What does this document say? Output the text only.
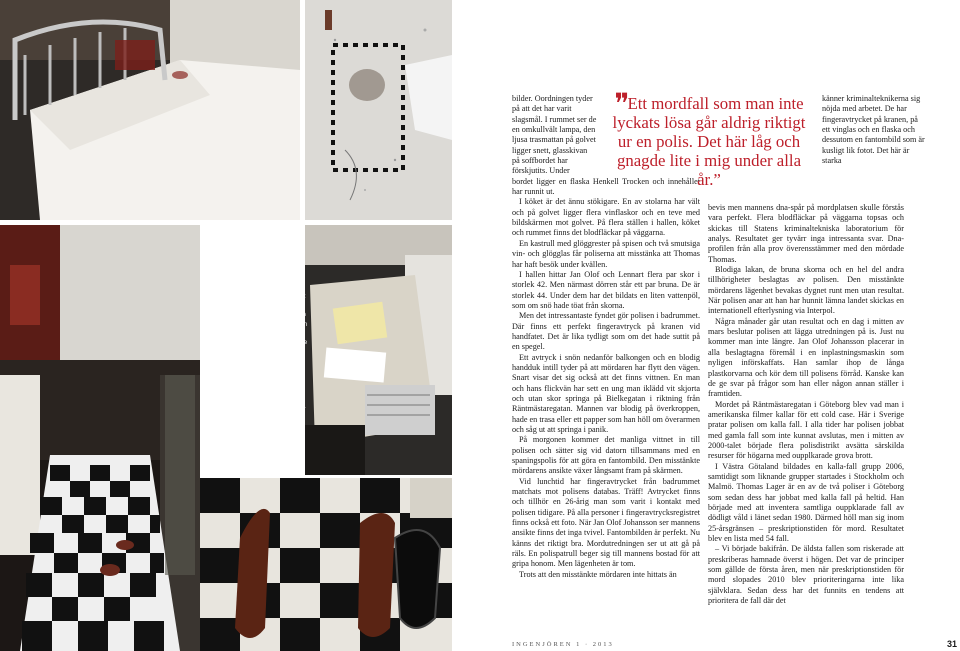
POLISENS BILDER. Det syns tydligt att det har varit slagsmål i lägenheten på Räntmästaregatan. Det mesta är i oordning och på flera väggar i den lilla ettan finns det stänk av blod. På det runda bordet bredvid sängen ligger en omkullvält bordslampa. I sängen finns det blodspår både på lakanen och på sänggavlen. Inte långt från lägenheten hittar polisen ett fotspår av en vänsterfot utan sko i snön. I hallen finns flera skor i storlek 42, men också ett par bruna i storlek 44. De har lämnat en liten pöl av smält snö på golvet.

bilder. Oordningen tyder på att det har varit slagsmål. I rummet ser de en omkullvält lampa, den ljusa trasmattan på golvet ligger snett, glasskivan på soffbordet har förskjutits. Under

bordet ligger en flaska Henkell Trocken och innehållet har runnit ut.

I köket är det ännu stökigare. En av stolarna har vält och på golvet ligger flera vinflaskor och en teve med bildskärmen mot golvet. På flera ställen i hallen, köket och rummet finns det blodfläckar på väggarna.

En kastrull med glöggrester på spisen och två smutsiga vin- och glögglas får poliserna att misstänka att Thomas har haft besök under kvällen.

I hallen hittar Jan Olof och Lennart flera par skor i storlek 42. Men närmast dörren står ett par bruna. De är storlek 44. Under dem har det bildats en liten vattenpöl, som om snö hade töat från skorna.

Men det intressantaste fyndet gör polisen i badrummet. Där finns ett perfekt fingeravtryck på kranen vid handfatet. Det är lika tydligt som om det hade suttit på en spegel.

Ett avtryck i snön nedanför balkongen och en blodig handduk intill tyder på att mördaren har flytt den vägen. Snart visar det sig också att det finns vittnen. En man och hans flickvän har sett en ung man iklädd vit skjorta och utan skor springa på Bielkegatan i riktning från Räntmästaregatan. Mannen var blodig på överkroppen, hade en trasa eller ett papper som han höll om överarmen och såg ut att springa i panik.

På morgonen kommer det manliga vittnet in till polisen och sätter sig vid datorn tillsammans med en spaningspolis för att göra en fantombild. Den misstänkte mördarens ansikte växer långsamt fram på skärmen.

Vid lunchtid har fingeravtrycket från badrummet matchats mot polisens databas. Träff! Avtrycket finns och tillhör en 26-årig man som varit i kontakt med polisen tidigare. På alla personer i fingeravtrycksregistret finns också ett foto. När Jan Olof Johansson ser mannens ansikte finns det inga tvivel. Fantombilden är perfekt. Nu känns det riktigt bra. Mordutredningen ser ut att gå på räls. En polispatrull beger sig till mannens bostad för att gripa honom. Men lägenheten är tom.

Trots att den misstänkte mördaren inte hittats än

❞Ett mordfall som man inte lyckats lösa går aldrig riktigt ur en polis. Det här låg och gnagde lite i mig under alla år.”

känner kriminalteknikerna sig nöjda med arbetet. De har fingeravtrycket på kranen, på ett vinglas och en flaska och dessutom en fantombild som är kusligt lik fotot. Det här är starka

bevis men mannens dna-spår på mordplatsen skulle förstås vara perfekt. Flera blodfläckar på väggarna topsas och skickas till Statens kriminaltekniska laboratorium för analys. Resultatet ger tyvärr inga intressanta svar. Dna-profilen från alla prov överensstämmer med den mördade Thomas.

Blodiga lakan, de bruna skorna och en hel del andra tillhörigheter beslagtas av polisen. Den misstänkte mördarens lägenhet bevakas dygnet runt men utan resultat. När polisen anar att han har hunnit lämna landet skickas en internationell efterlysning via Interpol.

Några månader går utan resultat och en dag i mitten av mars beslutar polisen att lägga utredningen på is. Just nu kommer man inte längre. Jan Olof Johansson placerar in alla beslagtagna föremål i en inplastningsmaskin som nyligen införskaffats. Han samlar ihop de långa plastkorvarna och kör dem till polisens förråd. Kanske kan de ge svar på frågor som han eller någon annan ställer i framtiden.

Mordet på Räntmästaregatan i Göteborg blev vad man i amerikanska filmer kallar för ett cold case. Här i Sverige pratar polisen om kalla fall. I alla tider har polisen jobbat med gamla fall som inte kunnat avslutas, men i mitten av 2000-talet började flera polisdistrikt avsätta särskilda resurser för högarna med oupplkarade grova brott.

I Västra Götaland bildades en kalla-fall grupp 2006, samtidigt som liknande grupper startades i Stockholm och Malmö. Thomas Lager är en av de två poliser i Göteborg som sedan dess har jobbat med kalla fall på heltid. Han började med att inventera samtliga ouppklarade fall av dödligt våld i länet sedan 1980. Därmed höll man sig inom 25-årsgränsen – preskriptionstiden för mord. Resultatet blev en lista med 54 fall.

– Vi började bakifrån. De äldsta fallen som riskerade att preskriberas hamnade överst i högen. Det var de principer som gällde de första åren, men när preskriptionstiden för mord slopades 2010 blev prioriteringarna inte lika självklara. Sedan dess har det funnits en tendens att prioritera de fall där det

INGENJÖREN 1 · 2013	31
